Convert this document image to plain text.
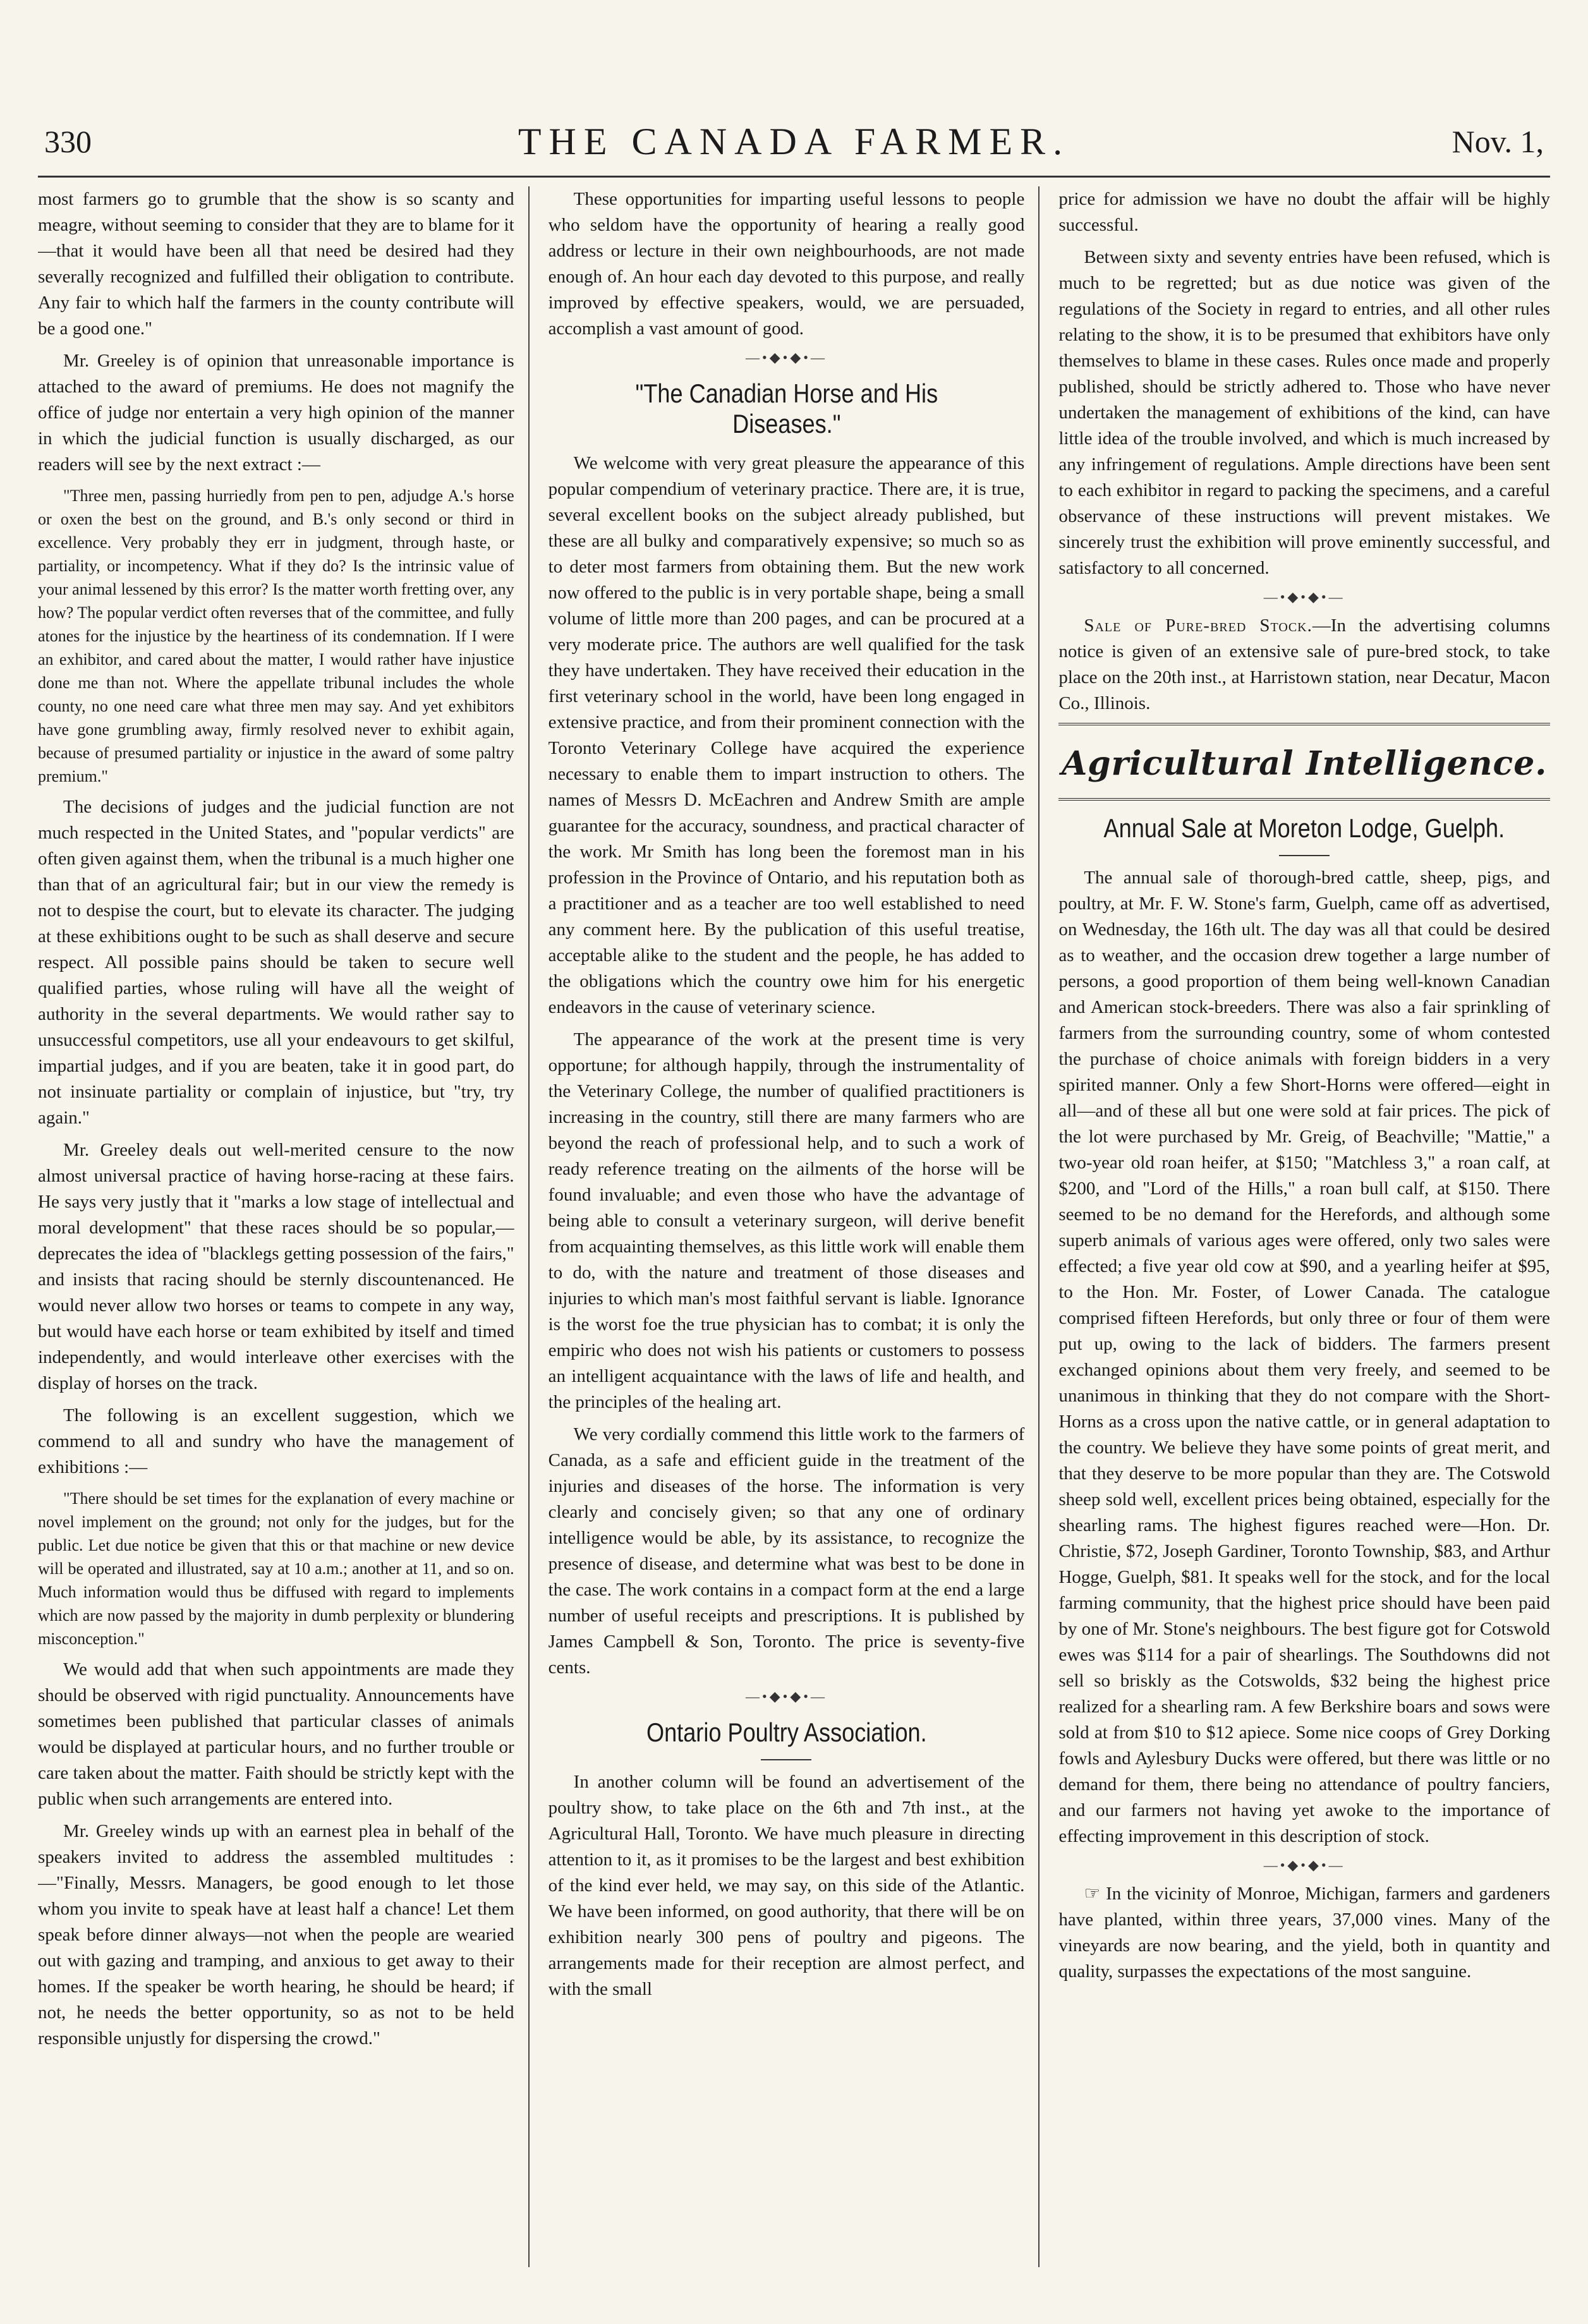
330	THE CANADA FARMER.	Nov. 1,

most farmers go to grumble that the show is so scanty and meagre, without seeming to consider that they are to blame for it—that it would have been all that need be desired had they severally recognized and fulfilled their obligation to contribute. Any fair to which half the farmers in the county contribute will be a good one."

Mr. Greeley is of opinion that unreasonable importance is attached to the award of premiums. He does not magnify the office of judge nor entertain a very high opinion of the manner in which the judicial function is usually discharged, as our readers will see by the next extract :—

"Three men, passing hurriedly from pen to pen, adjudge A.'s horse or oxen the best on the ground, and B.'s only second or third in excellence. Very probably they err in judgment, through haste, or partiality, or incompetency. What if they do? Is the intrinsic value of your animal lessened by this error? Is the matter worth fretting over, any how? The popular verdict often reverses that of the committee, and fully atones for the injustice by the heartiness of its condemnation. If I were an exhibitor, and cared about the matter, I would rather have injustice done me than not. Where the appellate tribunal includes the whole county, no one need care what three men may say. And yet exhibitors have gone grumbling away, firmly resolved never to exhibit again, because of presumed partiality or injustice in the award of some paltry premium."

The decisions of judges and the judicial function are not much respected in the United States, and "popular verdicts" are often given against them, when the tribunal is a much higher one than that of an agricultural fair; but in our view the remedy is not to despise the court, but to elevate its character. The judging at these exhibitions ought to be such as shall deserve and secure respect. All possible pains should be taken to secure well qualified parties, whose ruling will have all the weight of authority in the several departments. We would rather say to unsuccessful competitors, use all your endeavours to get skilful, impartial judges, and if you are beaten, take it in good part, do not insinuate partiality or complain of injustice, but "try, try again."

Mr. Greeley deals out well-merited censure to the now almost universal practice of having horse-racing at these fairs. He says very justly that it "marks a low stage of intellectual and moral development" that these races should be so popular,—deprecates the idea of "blacklegs getting possession of the fairs," and insists that racing should be sternly discountenanced. He would never allow two horses or teams to compete in any way, but would have each horse or team exhibited by itself and timed independently, and would interleave other exercises with the display of horses on the track.

The following is an excellent suggestion, which we commend to all and sundry who have the management of exhibitions :—

"There should be set times for the explanation of every machine or novel implement on the ground; not only for the judges, but for the public. Let due notice be given that this or that machine or new device will be operated and illustrated, say at 10 a.m.; another at 11, and so on. Much information would thus be diffused with regard to implements which are now passed by the majority in dumb perplexity or blundering misconception."

We would add that when such appointments are made they should be observed with rigid punctuality. Announcements have sometimes been published that particular classes of animals would be displayed at particular hours, and no further trouble or care taken about the matter. Faith should be strictly kept with the public when such arrangements are entered into.

Mr. Greeley winds up with an earnest plea in behalf of the speakers invited to address the assembled multitudes :—"Finally, Messrs. Managers, be good enough to let those whom you invite to speak have at least half a chance! Let them speak before dinner always—not when the people are wearied out with gazing and tramping, and anxious to get away to their homes. If the speaker be worth hearing, he should be heard; if not, he needs the better opportunity, so as not to be held responsible unjustly for dispersing the crowd."

These opportunities for imparting useful lessons to people who seldom have the opportunity of hearing a really good address or lecture in their own neighbourhoods, are not made enough of. An hour each day devoted to this purpose, and really improved by effective speakers, would, we are persuaded, accomplish a vast amount of good.

—•◆•◆•—
"The Canadian Horse and His Diseases."

We welcome with very great pleasure the appearance of this popular compendium of veterinary practice. There are, it is true, several excellent books on the subject already published, but these are all bulky and comparatively expensive; so much so as to deter most farmers from obtaining them. But the new work now offered to the public is in very portable shape, being a small volume of little more than 200 pages, and can be procured at a very moderate price. The authors are well qualified for the task they have undertaken. They have received their education in the first veterinary school in the world, have been long engaged in extensive practice, and from their prominent connection with the Toronto Veterinary College have acquired the experience necessary to enable them to impart instruction to others. The names of Messrs D. McEachren and Andrew Smith are ample guarantee for the accuracy, soundness, and practical character of the work. Mr Smith has long been the foremost man in his profession in the Province of Ontario, and his reputation both as a practitioner and as a teacher are too well established to need any comment here. By the publication of this useful treatise, acceptable alike to the student and the people, he has added to the obligations which the country owe him for his energetic endeavors in the cause of veterinary science.

The appearance of the work at the present time is very opportune; for although happily, through the instrumentality of the Veterinary College, the number of qualified practitioners is increasing in the country, still there are many farmers who are beyond the reach of professional help, and to such a work of ready reference treating on the ailments of the horse will be found invaluable; and even those who have the advantage of being able to consult a veterinary surgeon, will derive benefit from acquainting themselves, as this little work will enable them to do, with the nature and treatment of those diseases and injuries to which man's most faithful servant is liable. Ignorance is the worst foe the true physician has to combat; it is only the empiric who does not wish his patients or customers to possess an intelligent acquaintance with the laws of life and health, and the principles of the healing art.

We very cordially commend this little work to the farmers of Canada, as a safe and efficient guide in the treatment of the injuries and diseases of the horse. The information is very clearly and concisely given; so that any one of ordinary intelligence would be able, by its assistance, to recognize the presence of disease, and determine what was best to be done in the case. The work contains in a compact form at the end a large number of useful receipts and prescriptions. It is published by James Campbell & Son, Toronto. The price is seventy-five cents.

—•◆•◆•—
Ontario Poultry Association.

In another column will be found an advertisement of the poultry show, to take place on the 6th and 7th inst., at the Agricultural Hall, Toronto. We have much pleasure in directing attention to it, as it promises to be the largest and best exhibition of the kind ever held, we may say, on this side of the Atlantic. We have been informed, on good authority, that there will be on exhibition nearly 300 pens of poultry and pigeons. The arrangements made for their reception are almost perfect, and with the small

price for admission we have no doubt the affair will be highly successful.

Between sixty and seventy entries have been refused, which is much to be regretted; but as due notice was given of the regulations of the Society in regard to entries, and all other rules relating to the show, it is to be presumed that exhibitors have only themselves to blame in these cases. Rules once made and properly published, should be strictly adhered to. Those who have never undertaken the management of exhibitions of the kind, can have little idea of the trouble involved, and which is much increased by any infringement of regulations. Ample directions have been sent to each exhibitor in regard to packing the specimens, and a careful observance of these instructions will prevent mistakes. We sincerely trust the exhibition will prove eminently successful, and satisfactory to all concerned.

—•◆•◆•—

Sale of Pure-bred Stock.—In the advertising columns notice is given of an extensive sale of pure-bred stock, to take place on the 20th inst., at Harristown station, near Decatur, Macon Co., Illinois.

Agricultural Intelligence.
Annual Sale at Moreton Lodge, Guelph.

The annual sale of thorough-bred cattle, sheep, pigs, and poultry, at Mr. F. W. Stone's farm, Guelph, came off as advertised, on Wednesday, the 16th ult. The day was all that could be desired as to weather, and the occasion drew together a large number of persons, a good proportion of them being well-known Canadian and American stock-breeders. There was also a fair sprinkling of farmers from the surrounding country, some of whom contested the purchase of choice animals with foreign bidders in a very spirited manner. Only a few Short-Horns were offered—eight in all—and of these all but one were sold at fair prices. The pick of the lot were purchased by Mr. Greig, of Beachville; "Mattie," a two-year old roan heifer, at $150; "Matchless 3," a roan calf, at $200, and "Lord of the Hills," a roan bull calf, at $150. There seemed to be no demand for the Herefords, and although some superb animals of various ages were offered, only two sales were effected; a five year old cow at $90, and a yearling heifer at $95, to the Hon. Mr. Foster, of Lower Canada. The catalogue comprised fifteen Herefords, but only three or four of them were put up, owing to the lack of bidders. The farmers present exchanged opinions about them very freely, and seemed to be unanimous in thinking that they do not compare with the Short-Horns as a cross upon the native cattle, or in general adaptation to the country. We believe they have some points of great merit, and that they deserve to be more popular than they are. The Cotswold sheep sold well, excellent prices being obtained, especially for the shearling rams. The highest figures reached were—Hon. Dr. Christie, $72, Joseph Gardiner, Toronto Township, $83, and Arthur Hogge, Guelph, $81. It speaks well for the stock, and for the local farming community, that the highest price should have been paid by one of Mr. Stone's neighbours. The best figure got for Cotswold ewes was $114 for a pair of shearlings. The Southdowns did not sell so briskly as the Cotswolds, $32 being the highest price realized for a shearling ram. A few Berkshire boars and sows were sold at from $10 to $12 apiece. Some nice coops of Grey Dorking fowls and Aylesbury Ducks were offered, but there was little or no demand for them, there being no attendance of poultry fanciers, and our farmers not having yet awoke to the importance of effecting improvement in this description of stock.

—•◆•◆•—

☞ In the vicinity of Monroe, Michigan, farmers and gardeners have planted, within three years, 37,000 vines. Many of the vineyards are now bearing, and the yield, both in quantity and quality, surpasses the expectations of the most sanguine.
